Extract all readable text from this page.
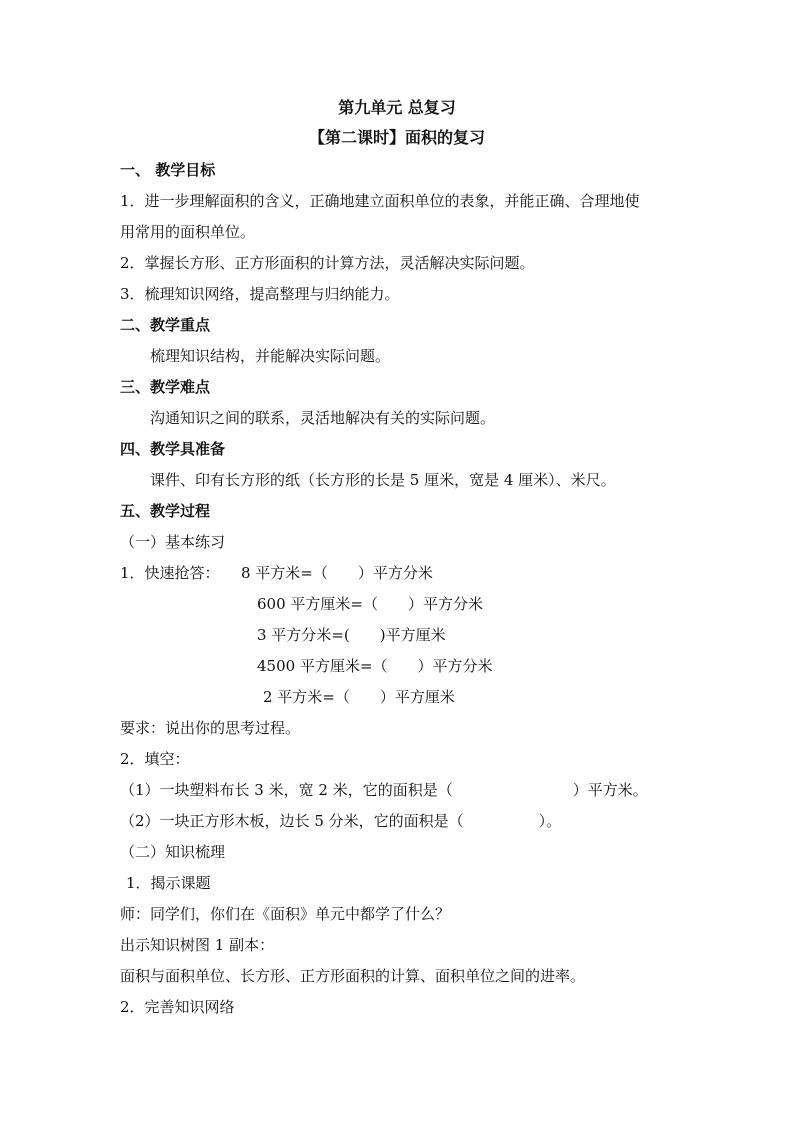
第九单元 总复习
【第二课时】面积的复习
一、 教学目标
1．进一步理解面积的含义，正确地建立面积单位的表象，并能正确、合理地使
用常用的面积单位。
2．掌握长方形、正方形面积的计算方法，灵活解决实际问题。
3．梳理知识网络，提高整理与归纳能力。
二、教学重点
梳理知识结构，并能解决实际问题。
三、教学难点
沟通知识之间的联系，灵活地解决有关的实际问题。
四、教学具准备
课件、印有长方形的纸（长方形的长是 5 厘米，宽是 4 厘米）、米尺。
五、教学过程
（一）基本练习
1．快速抢答： 8 平方米=（　　）平方分米
600 平方厘米=（　　）平方分米
3 平方分米=(　　)平方厘米
4500 平方厘米=（　　）平方分米
2 平方米=（　　）平方厘米
要求：说出你的思考过程。
2．填空：
（1）一块塑料布长 3 米，宽 2 米，它的面积是（　　　　　　　　）平方米。
（2）一块正方形木板，边长 5 分米，它的面积是（　　　　　）。
（二）知识梳理
1．揭示课题
师：同学们，你们在《面积》单元中都学了什么？
出示知识树图 1 副本：
面积与面积单位、长方形、正方形面积的计算、面积单位之间的进率。
2．完善知识网络
